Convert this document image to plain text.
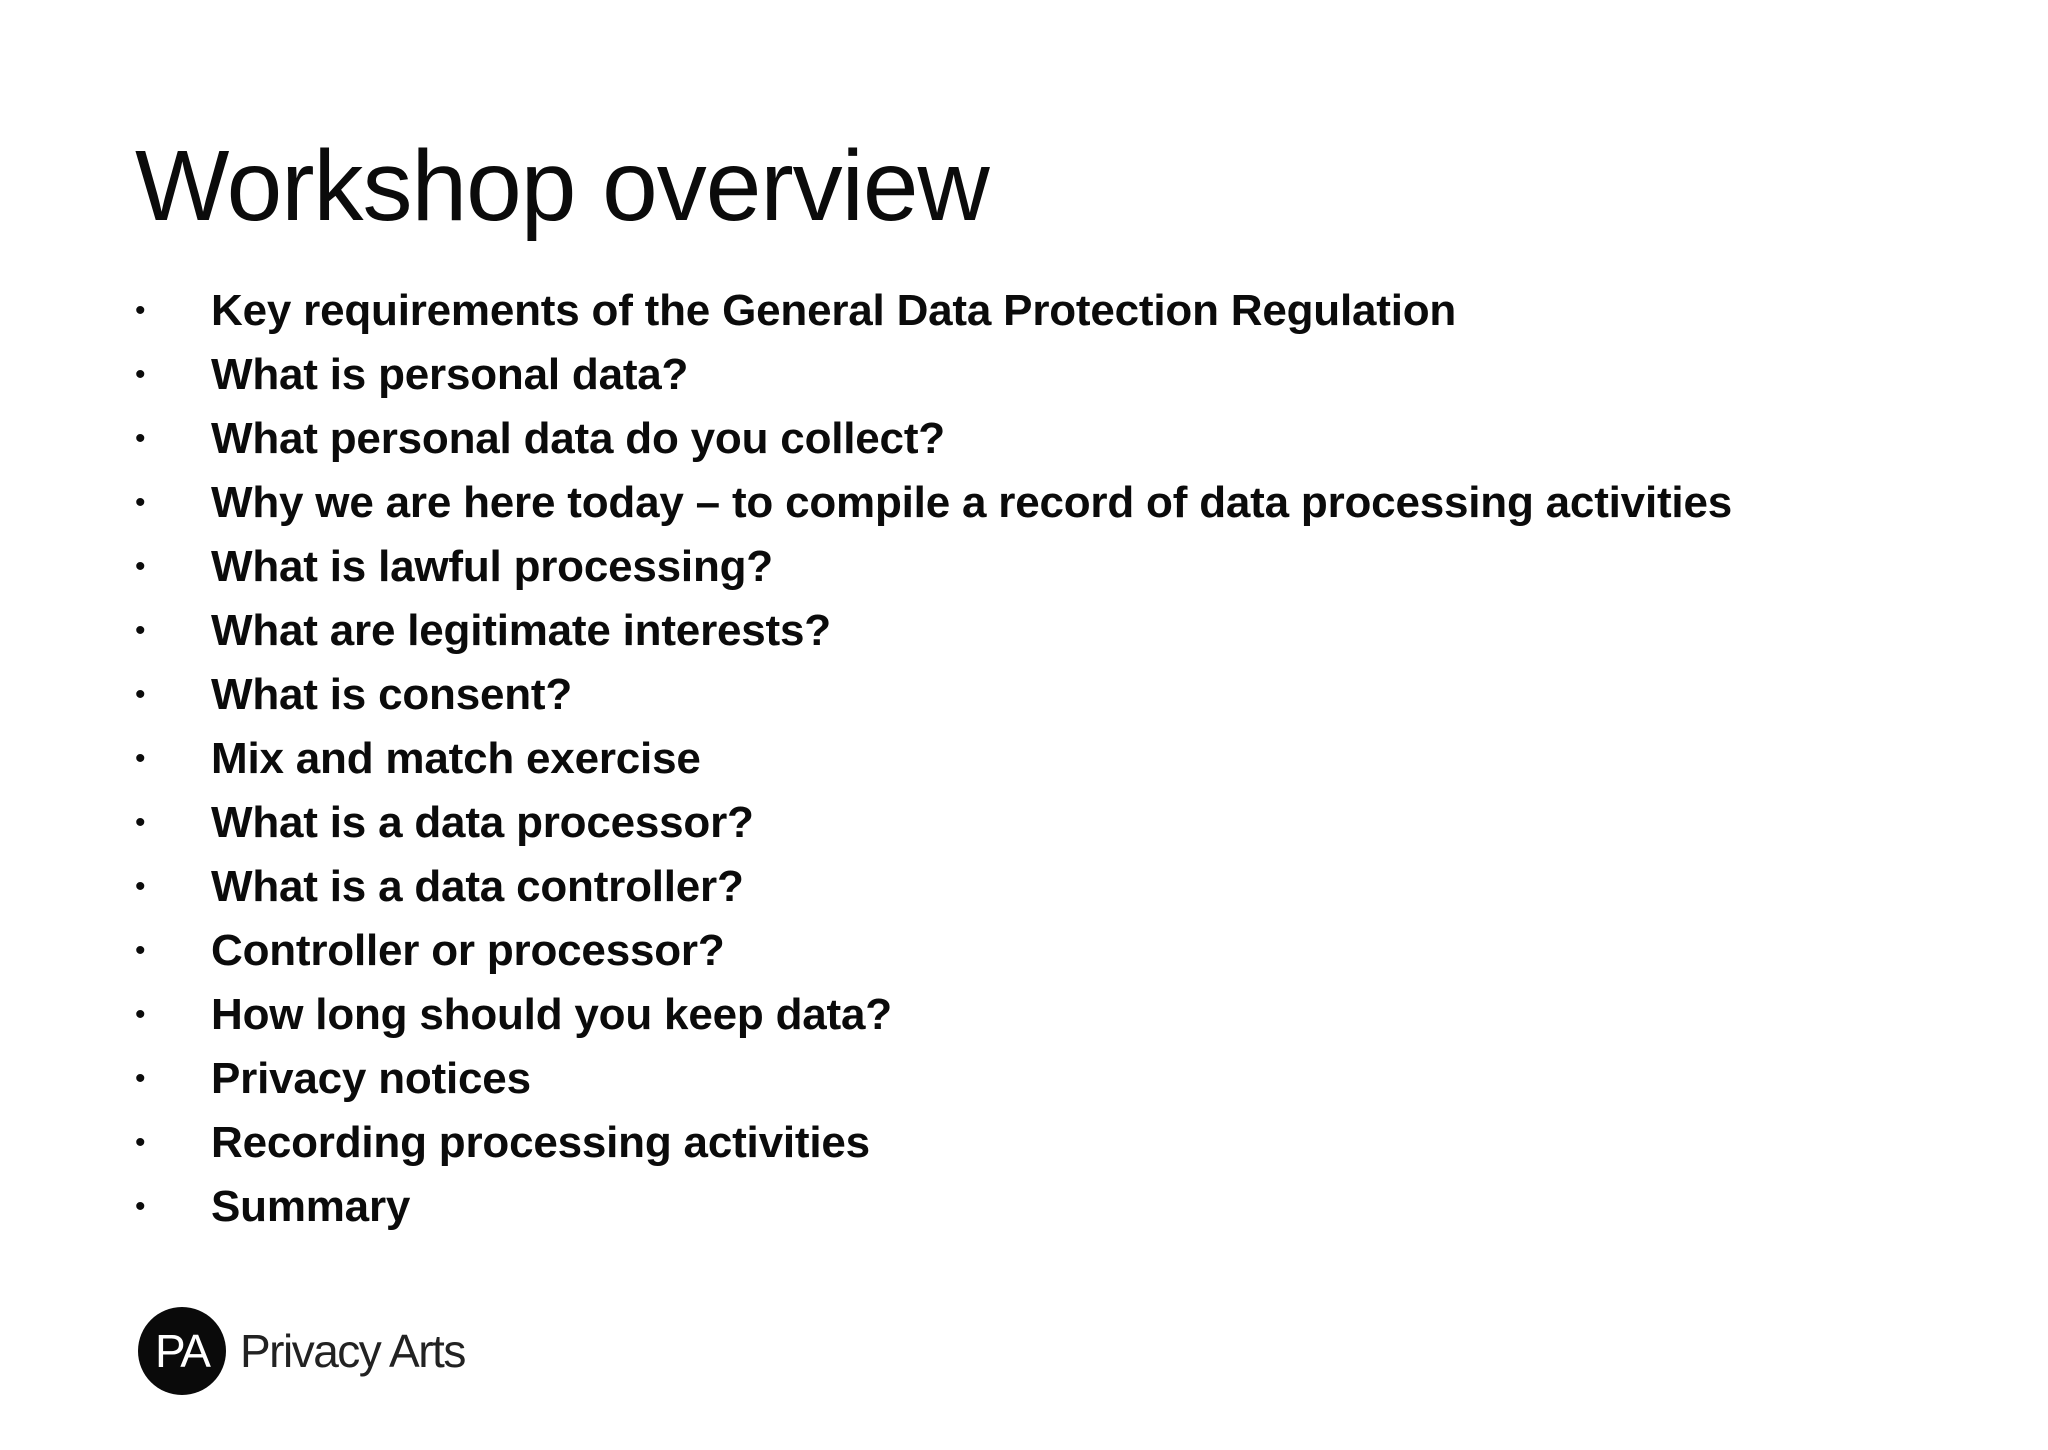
Workshop overview
•	Key requirements of the General Data Protection Regulation
•	What is personal data?
•	What personal data do you collect?
•	Why we are here today – to compile a record of data processing activities
•	What is lawful processing?
•	What are legitimate interests?
•	What is consent?
•	Mix and match exercise
•	What is a data processor?
•	What is a data controller?
•	Controller or processor?
•	How long should you keep data?
•	Privacy notices
•	Recording processing activities
•	Summary
PA Privacy Arts
